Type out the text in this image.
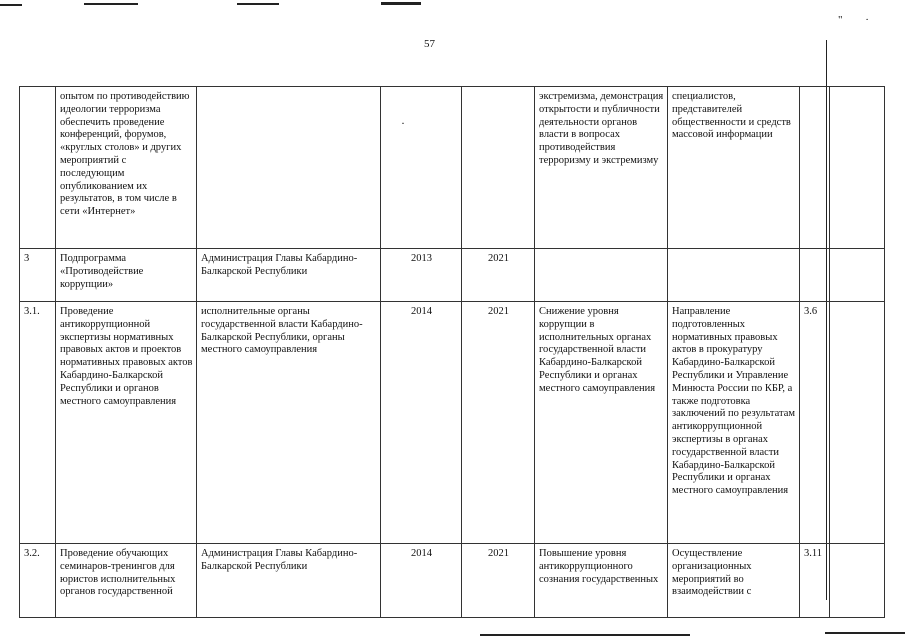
" ·
57
·
	опытом по противодействию идеологии терроризма обеспечить проведение конференций, форумов, «круглых столов» и других мероприятий с последующим опубликованием их результатов, в том числе в сети «Интернет»				экстремизма, демонстрация открытости и публичности деятельности органов власти в вопросах противодействия терроризму и экстремизму	специалистов, представителей общественности и средств массовой информации		
3	Подпрограмма «Противодействие коррупции»	Администрация Главы Кабардино-Балкарской Республики	2013	2021				
3.1.	Проведение антикоррупционной экспертизы нормативных правовых актов и проектов нормативных правовых актов Кабардино-Балкарской Республики и органов местного самоуправления	исполнительные органы государственной власти Кабардино-Балкарской Республики, органы местного самоуправления	2014	2021	Снижение уровня коррупции в исполнительных органах государственной власти Кабардино-Балкарской Республики и органах местного самоуправления	Направление подготовленных нормативных правовых актов в прокуратуру Кабардино-Балкарской Республики и Управление Минюста России по КБР, а также подготовка заключений по результатам антикоррупционной экспертизы в органах государственной власти Кабардино-Балкарской Республики и органах местного самоуправления	3.6	
3.2.	Проведение обучающих семинаров-тренингов для юристов исполнительных органов государственной	Администрация Главы Кабардино-Балкарской Республики	2014	2021	Повышение уровня антикоррупционного сознания государственных	Осуществление организационных мероприятий во взаимодействии с	3.11	
